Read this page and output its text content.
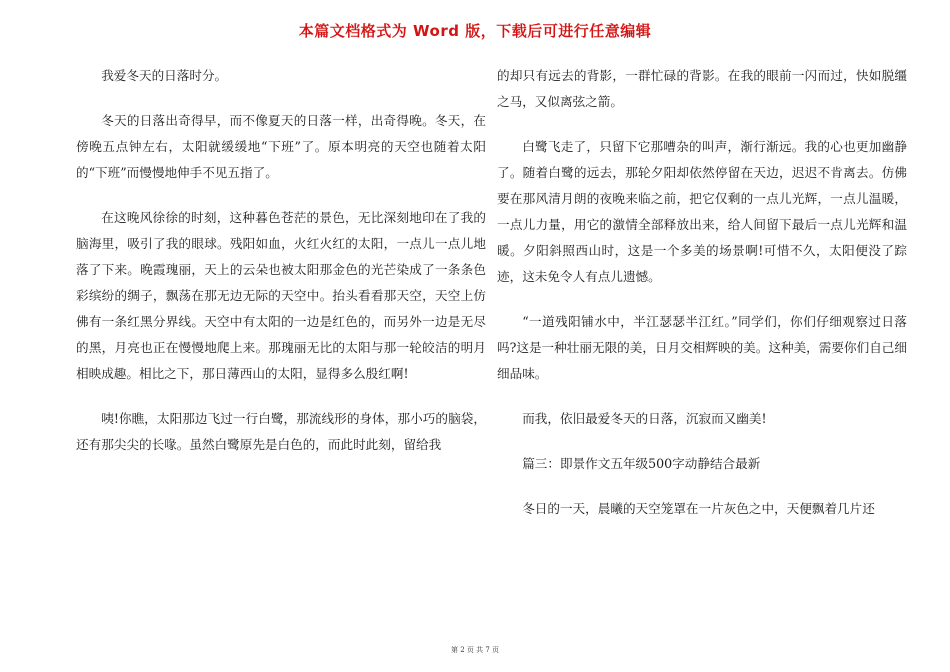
本篇文档格式为 Word 版，下载后可进行任意编辑

我爱冬天的日落时分。

冬天的日落出奇得早，而不像夏天的日落一样，出奇得晚。冬天，在傍晚五点钟左右，太阳就缓缓地“下班”了。原本明亮的天空也随着太阳的“下班”而慢慢地伸手不见五指了。

在这晚风徐徐的时刻，这种暮色苍茫的景色，无比深刻地印在了我的脑海里，吸引了我的眼球。残阳如血，火红火红的太阳，一点儿一点儿地落了下来。晚霞瑰丽，天上的云朵也被太阳那金色的光芒染成了一条条色彩缤纷的绸子，飘荡在那无边无际的天空中。抬头看看那天空，天空上仿佛有一条红黑分界线。天空中有太阳的一边是红色的，而另外一边是无尽的黑，月亮也正在慢慢地爬上来。那瑰丽无比的太阳与那一轮皎洁的明月相映成趣。相比之下，那日薄西山的太阳，显得多么殷红啊!

咦!你瞧，太阳那边飞过一行白鹭，那流线形的身体，那小巧的脑袋，还有那尖尖的长喙。虽然白鹭原先是白色的，而此时此刻，留给我

的却只有远去的背影，一群忙碌的背影。在我的眼前一闪而过，快如脱缰之马，又似离弦之箭。

白鹭飞走了，只留下它那嘈杂的叫声，渐行渐远。我的心也更加幽静了。随着白鹭的远去，那轮夕阳却依然停留在天边，迟迟不肯离去。仿佛要在那风清月朗的夜晚来临之前，把它仅剩的一点儿光辉，一点儿温暖，一点儿力量，用它的激情全部释放出来，给人间留下最后一点儿光辉和温暖。夕阳斜照西山时，这是一个多美的场景啊!可惜不久，太阳便没了踪迹，这未免令人有点儿遗憾。

“一道残阳铺水中，半江瑟瑟半江红。”同学们，你们仔细观察过日落吗?这是一种壮丽无限的美，日月交相辉映的美。这种美，需要你们自己细细品味。

而我，依旧最爱冬天的日落，沉寂而又幽美!

篇三：即景作文五年级500字动静结合最新

冬日的一天，晨曦的天空笼罩在一片灰色之中，天便飘着几片还

第 2 页 共 7 页
